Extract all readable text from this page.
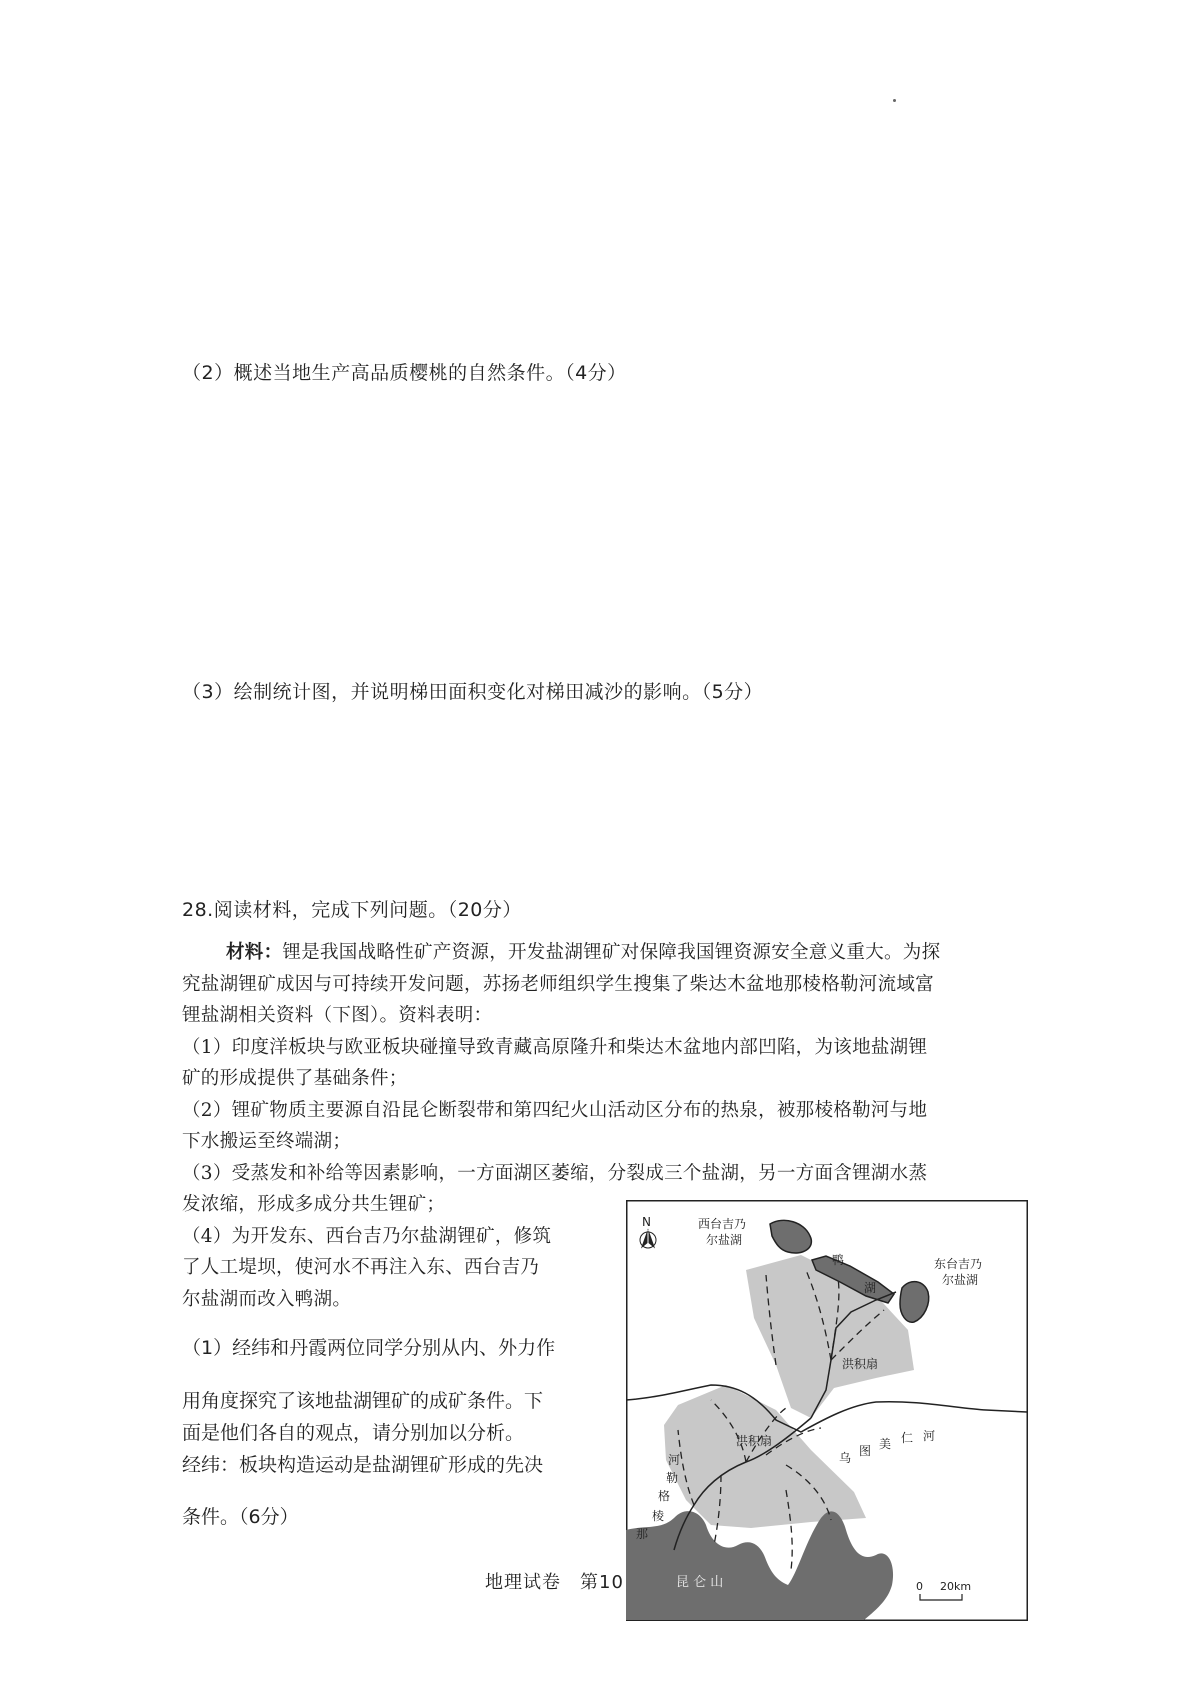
（2）概述当地生产高品质樱桃的自然条件。（4分）
（3）绘制统计图，并说明梯田面积变化对梯田减沙的影响。（5分）
28.阅读材料，完成下列问题。（20分）
材料：锂是我国战略性矿产资源，开发盐湖锂矿对保障我国锂资源安全意义重大。为探
究盐湖锂矿成因与可持续开发问题，苏扬老师组织学生搜集了柴达木盆地那棱格勒河流域富
锂盐湖相关资料（下图）。资料表明：
（1）印度洋板块与欧亚板块碰撞导致青藏高原隆升和柴达木盆地内部凹陷，为该地盐湖锂
矿的形成提供了基础条件；
（2）锂矿物质主要源自沿昆仑断裂带和第四纪火山活动区分布的热泉，被那棱格勒河与地
下水搬运至终端湖；
（3）受蒸发和补给等因素影响，一方面湖区萎缩，分裂成三个盐湖，另一方面含锂湖水蒸
发浓缩，形成多成分共生锂矿；
（4）为开发东、西台吉乃尔盐湖锂矿，修筑
了人工堤坝，使河水不再注入东、西台吉乃
尔盐湖而改入鸭湖。
（1）经纬和丹霞两位同学分别从内、外力作
用角度探究了该地盐湖锂矿的成矿条件。下
面是他们各自的观点，请分别加以分析。
经纬：板块构造运动是盐湖锂矿形成的先决
条件。（6分）
地理试卷　第10
N	西台吉乃
尔盐湖
东台吉乃
尔盐湖
鸭
湖
洪积扇
洪积扇
乌 图 美 仁 河
那
棱
格
勒
河
昆 仑 山	0 20km
